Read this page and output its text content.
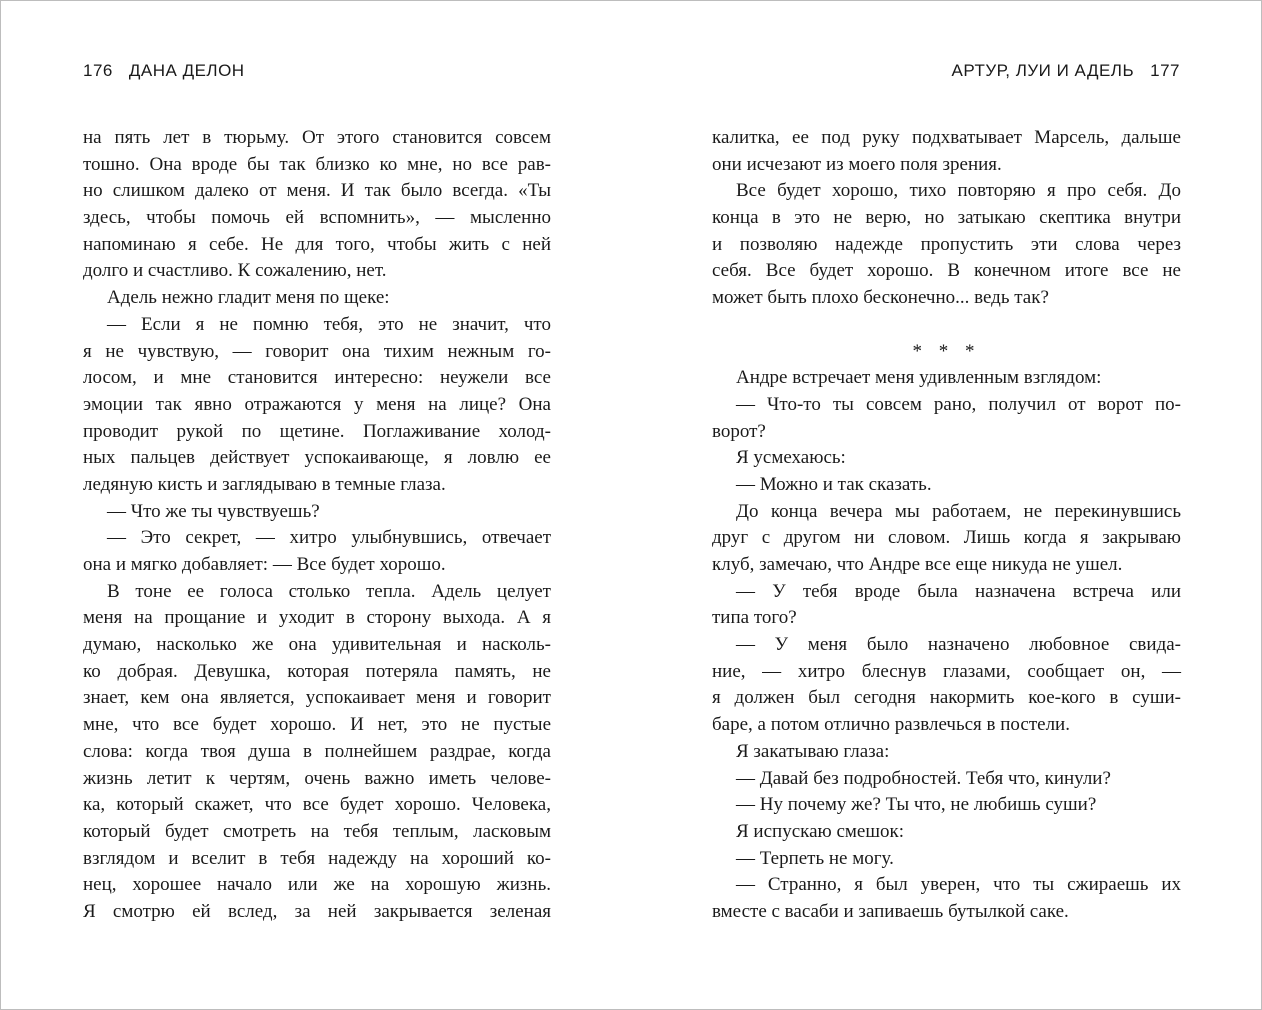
176 ДАНА ДЕЛОН
на пять лет в тюрьму. От этого становится совсем
тошно. Она вроде бы так близко ко мне, но все рав-
но слишком далеко от меня. И так было всегда. «Ты
здесь, чтобы помочь ей вспомнить», — мысленно
напоминаю я себе. Не для того, чтобы жить с ней
долго и счастливо. К сожалению, нет.
Адель нежно гладит меня по щеке:
— Если я не помню тебя, это не значит, что
я не чувствую, — говорит она тихим нежным го-
лосом, и мне становится интересно: неужели все
эмоции так явно отражаются у меня на лице? Она
проводит рукой по щетине. Поглаживание холод-
ных пальцев действует успокаивающе, я ловлю ее
ледяную кисть и заглядываю в темные глаза.
— Что же ты чувствуешь?
— Это секрет, — хитро улыбнувшись, отвечает
она и мягко добавляет: — Все будет хорошо.
В тоне ее голоса столько тепла. Адель целует
меня на прощание и уходит в сторону выхода. А я
думаю, насколько же она удивительная и насколь-
ко добрая. Девушка, которая потеряла память, не
знает, кем она является, успокаивает меня и говорит
мне, что все будет хорошо. И нет, это не пустые
слова: когда твоя душа в полнейшем раздрае, когда
жизнь летит к чертям, очень важно иметь челове-
ка, который скажет, что все будет хорошо. Человека,
который будет смотреть на тебя теплым, ласковым
взглядом и вселит в тебя надежду на хороший ко-
нец, хорошее начало или же на хорошую жизнь.
Я смотрю ей вслед, за ней закрывается зеленая
АРТУР, ЛУИ И АДЕЛЬ 177
калитка, ее под руку подхватывает Марсель, дальше
они исчезают из моего поля зрения.
Все будет хорошо, тихо повторяю я про себя. До
конца в это не верю, но затыкаю скептика внутри
и позволяю надежде пропустить эти слова через
себя. Все будет хорошо. В конечном итоге все не
может быть плохо бесконечно... ведь так?
* * *
Андре встречает меня удивленным взглядом:
— Что-то ты совсем рано, получил от ворот по-
ворот?
Я усмехаюсь:
— Можно и так сказать.
До конца вечера мы работаем, не перекинувшись
друг с другом ни словом. Лишь когда я закрываю
клуб, замечаю, что Андре все еще никуда не ушел.
— У тебя вроде была назначена встреча или
типа того?
— У меня было назначено любовное свида-
ние, — хитро блеснув глазами, сообщает он, —
я должен был сегодня накормить кое-кого в суши-
баре, а потом отлично развлечься в постели.
Я закатываю глаза:
— Давай без подробностей. Тебя что, кинули?
— Ну почему же? Ты что, не любишь суши?
Я испускаю смешок:
— Терпеть не могу.
— Странно, я был уверен, что ты сжираешь их
вместе с васаби и запиваешь бутылкой саке.
